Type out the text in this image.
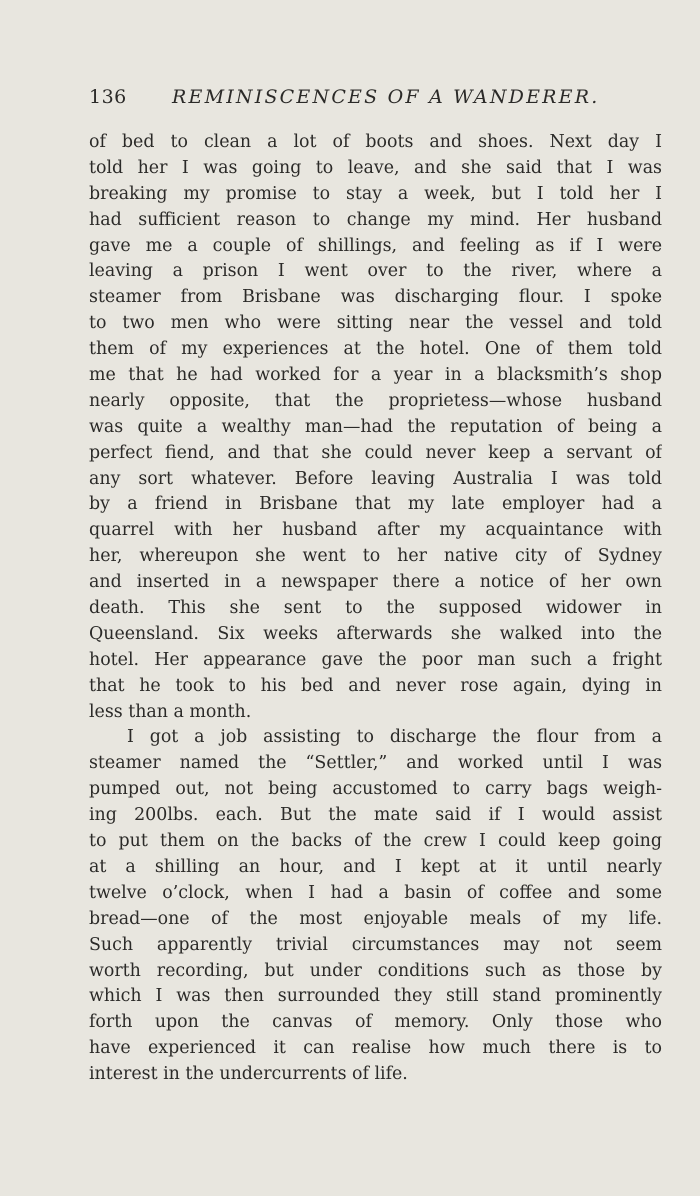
136 REMINISCENCES OF A WANDERER.
of bed to clean a lot of boots and shoes. Next day I
told her I was going to leave, and she said that I was
breaking my promise to stay a week, but I told her I
had sufficient reason to change my mind. Her husband
gave me a couple of shillings, and feeling as if I were
leaving a prison I went over to the river, where a
steamer from Brisbane was discharging flour. I spoke
to two men who were sitting near the vessel and told
them of my experiences at the hotel. One of them told
me that he had worked for a year in a blacksmith’s shop
nearly opposite, that the proprietess—whose husband
was quite a wealthy man—had the reputation of being a
perfect fiend, and that she could never keep a servant of
any sort whatever. Before leaving Australia I was told
by a friend in Brisbane that my late employer had a
quarrel with her husband after my acquaintance with
her, whereupon she went to her native city of Sydney
and inserted in a newspaper there a notice of her own
death. This she sent to the supposed widower in
Queensland. Six weeks afterwards she walked into the
hotel. Her appearance gave the poor man such a fright
that he took to his bed and never rose again, dying in
less than a month.
I got a job assisting to discharge the flour from a
steamer named the “Settler,” and worked until I was
pumped out, not being accustomed to carry bags weigh-
ing 200lbs. each. But the mate said if I would assist
to put them on the backs of the crew I could keep going
at a shilling an hour, and I kept at it until nearly
twelve o’clock, when I had a basin of coffee and some
bread—one of the most enjoyable meals of my life.
Such apparently trivial circumstances may not seem
worth recording, but under conditions such as those by
which I was then surrounded they still stand prominently
forth upon the canvas of memory. Only those who
have experienced it can realise how much there is to
interest in the undercurrents of life.
